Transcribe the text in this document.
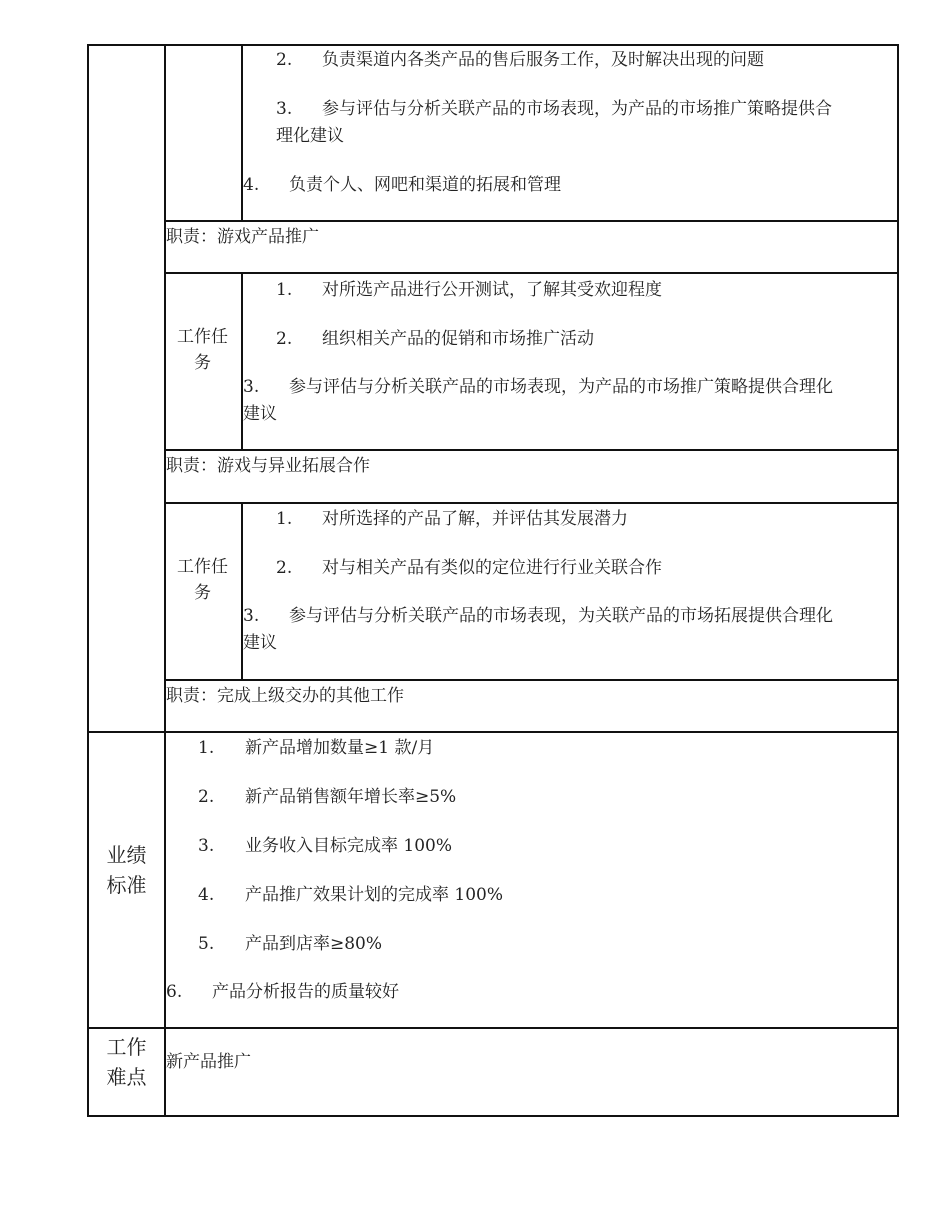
2. 负责渠道内各类产品的售后服务工作，及时解决出现的问题
3. 参与评估与分析关联产品的市场表现，为产品的市场推广策略提供合
理化建议
4. 负责个人、网吧和渠道的拓展和管理
职责：游戏产品推广
工作任务
1. 对所选产品进行公开测试，了解其受欢迎程度
2. 组织相关产品的促销和市场推广活动
3. 参与评估与分析关联产品的市场表现，为产品的市场推广策略提供合理化
建议
职责：游戏与异业拓展合作
工作任务
1. 对所选择的产品了解，并评估其发展潜力
2. 对与相关产品有类似的定位进行行业关联合作
3. 参与评估与分析关联产品的市场表现，为关联产品的市场拓展提供合理化
建议
职责：完成上级交办的其他工作
业绩标准
1. 新产品增加数量≥1 款/月
2. 新产品销售额年增长率≥5%
3. 业务收入目标完成率 100%
4. 产品推广效果计划的完成率 100%
5. 产品到店率≥80%
6. 产品分析报告的质量较好
工作难点
新产品推广
